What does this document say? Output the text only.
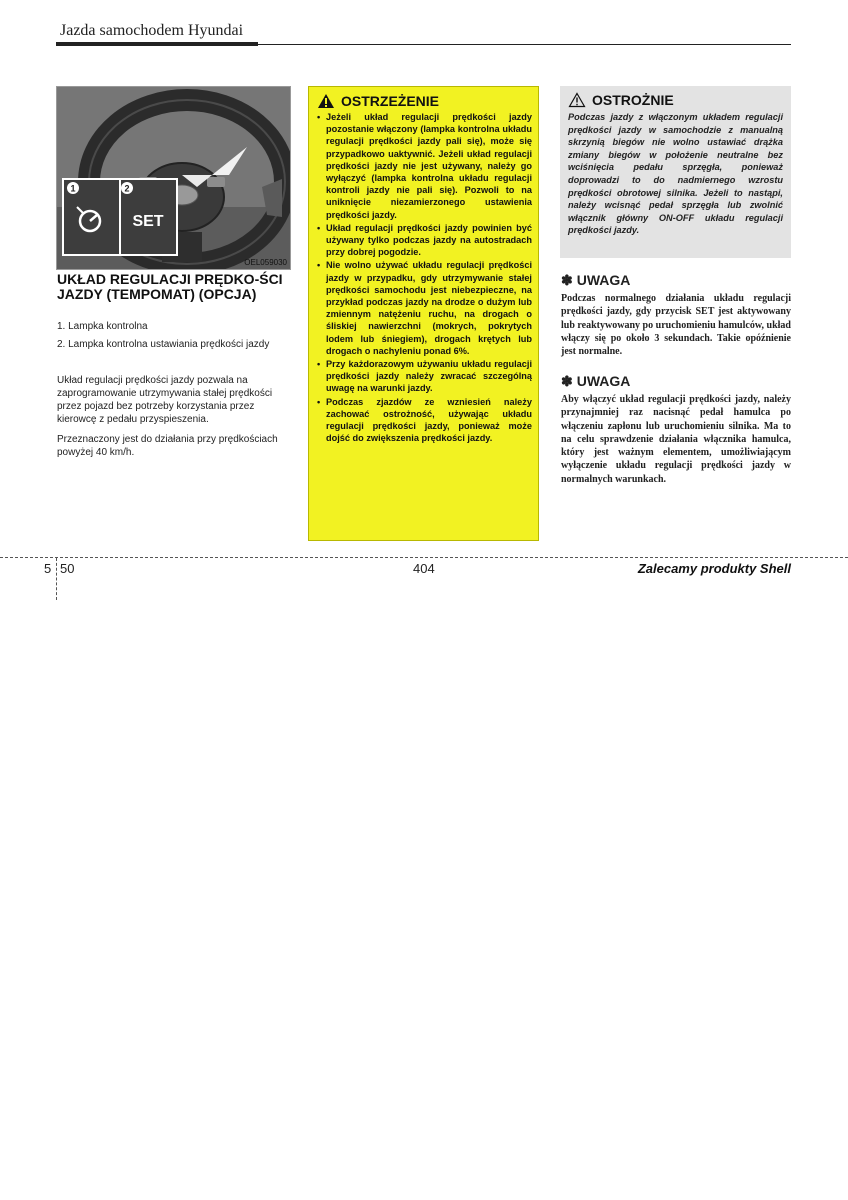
Jazda samochodem Hyundai
1	2
SET
OEL059030
UKŁAD REGULACJI PRĘDKO-ŚCI JAZDY (TEMPOMAT) (OPCJA)
1. Lampka kontrolna
2. Lampka kontrolna ustawiania prędkości jazdy
Układ regulacji prędkości jazdy pozwala na zaprogramowanie utrzymywania stałej prędkości przez pojazd bez potrzeby korzystania przez kierowcę z pedału przyspieszenia.
Przeznaczony jest do działania przy prędkościach powyżej 40 km/h.
OSTRZEŻENIE
• Jeżeli układ regulacji prędkości jazdy pozostanie włączony (lampka kontrolna układu regulacji prędkości jazdy pali się), może się przypadkowo uaktywnić. Jeżeli układ regulacji prędkości jazdy nie jest używany, należy go wyłączyć (lampka kontrolna układu regulacji kontroli jazdy nie pali się). Pozwoli to na uniknięcie niezamierzonego ustawienia prędkości jazdy.
• Układ regulacji prędkości jazdy powinien być używany tylko podczas jazdy na autostradach przy dobrej pogodzie.
• Nie wolno używać układu regulacji prędkości jazdy w przypadku, gdy utrzymywanie stałej prędkości samochodu jest niebezpieczne, na przykład podczas jazdy na drodze o dużym lub zmiennym natężeniu ruchu, na drogach o śliskiej nawierzchni (mokrych, pokrytych lodem lub śniegiem), drogach krętych lub drogach o nachyleniu ponad 6%.
• Przy każdorazowym używaniu układu regulacji prędkości jazdy należy zwracać szczególną uwagę na warunki jazdy.
• Podczas zjazdów ze wzniesień należy zachować ostrożność, używając układu regulacji prędkości jazdy, ponieważ może dojść do zwiększenia prędkości jazdy.
OSTROŻNIE
Podczas jazdy z włączonym układem regulacji prędkości jazdy w samochodzie z manualną skrzynią biegów nie wolno ustawiać drążka zmiany biegów w położenie neutralne bez wciśnięcia pedału sprzęgła, ponieważ doprowadzi to do nadmiernego wzrostu prędkości obrotowej silnika. Jeżeli to nastąpi, należy wcisnąć pedał sprzęgła lub zwolnić włącznik główny ON-OFF układu regulacji prędkości jazdy.
✽ UWAGA
Podczas normalnego działania układu regulacji prędkości jazdy, gdy przycisk SET jest aktywowany lub reaktywowany po uruchomieniu hamulców, układ włączy się po około 3 sekundach. Takie opóźnienie jest normalne.
✽ UWAGA
Aby włączyć układ regulacji prędkości jazdy, należy przynajmniej raz nacisnąć pedał hamulca po włączeniu zapłonu lub uruchomieniu silnika. Ma to na celu sprawdzenie działania włącznika hamulca, który jest ważnym elementem, umożliwiającym wyłączenie układu regulacji prędkości jazdy w normalnych warunkach.
5 50	404	Zalecamy produkty Shell
